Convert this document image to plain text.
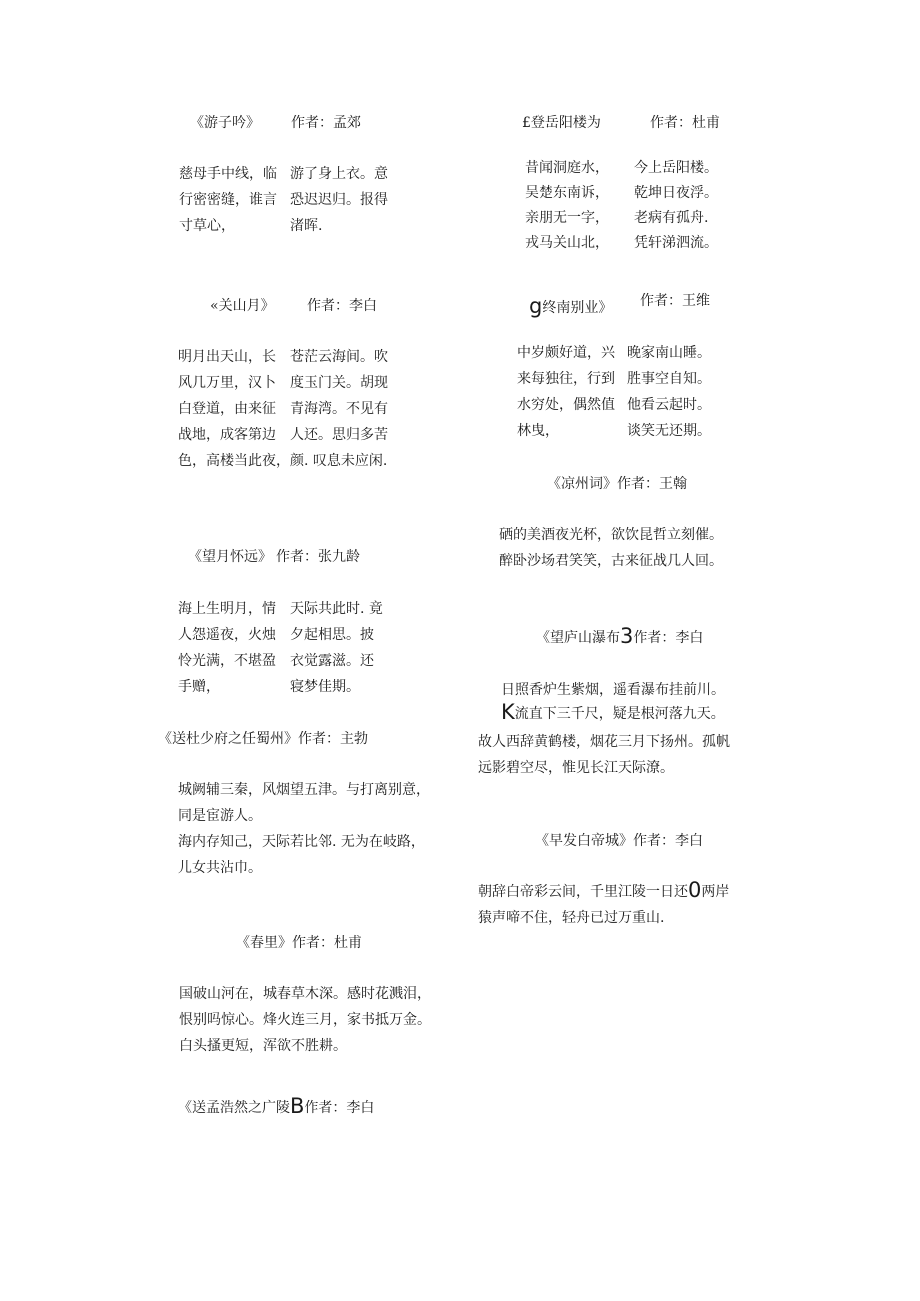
《游子吟》 作者：孟郊
慈母手中线，临
行密密缝，谁言
寸草心，
游了身上衣。意
恐迟迟归。报得
渚晖.
«关山月》 作者：李白
明月出天山，长
风几万里，汉卜
白登道，由来征
战地，成客第边
色，高楼当此夜，
苍茫云海间。吹
度玉门关。胡现
青海湾。不见有
人还。思归多苦
颜. 叹息未应闲.
《望月怀远》 作者：张九龄
海上生明月，情
人怨遥夜，火烛
怜光满，不堪盈
手赠，
天际共此时. 竟
夕起相思。披
衣觉露滋。还
寝梦佳期。
《送杜少府之任蜀州》作者：主勃
城阙辅三秦，风烟望五津。与打离别意，
同是宦游人。
海内存知己，天际若比邻. 无为在岐路，
儿女共沾巾。
《春里》作者：杜甫
国破山河在，城春草木深。感时花溅泪，
恨别吗惊心。烽火连三月，家书抵万金。
白头搔更短，浑欲不胜耕。
《送孟浩然之广陵B作者：李白
£登岳阳楼为	作者：杜甫
昔闻洞庭水，
吴楚东南诉，
亲朋无一字，
戎马关山北，
今上岳阳楼。
乾坤日夜浮。
老病有孤舟.
凭轩涕泗流。
g终南别业》 作者：王维
中岁颇好道，兴
来每独往，行到
水穷处，偶然值
林曳，
晚家南山睡。
胜事空自知。
他看云起时。
谈笑无还期。
《凉州词》作者：王翰
硒的美酒夜光杯，欲饮昆哲立刻催。
醉卧沙场君笑笑，古来征战几人回。
《望庐山瀑布3作者：李白
日照香炉生紫烟，遥看瀑布挂前川。
K流直下三千尺，疑是根河落九天。
故人西辞黄鹤楼，烟花三月下扬州。孤帆
远影碧空尽，惟见长江天际潦。
《早发白帝城》作者：李白
朝辞白帝彩云间，千里江陵一日还0两岸
猿声啼不住，轻舟已过万重山.
